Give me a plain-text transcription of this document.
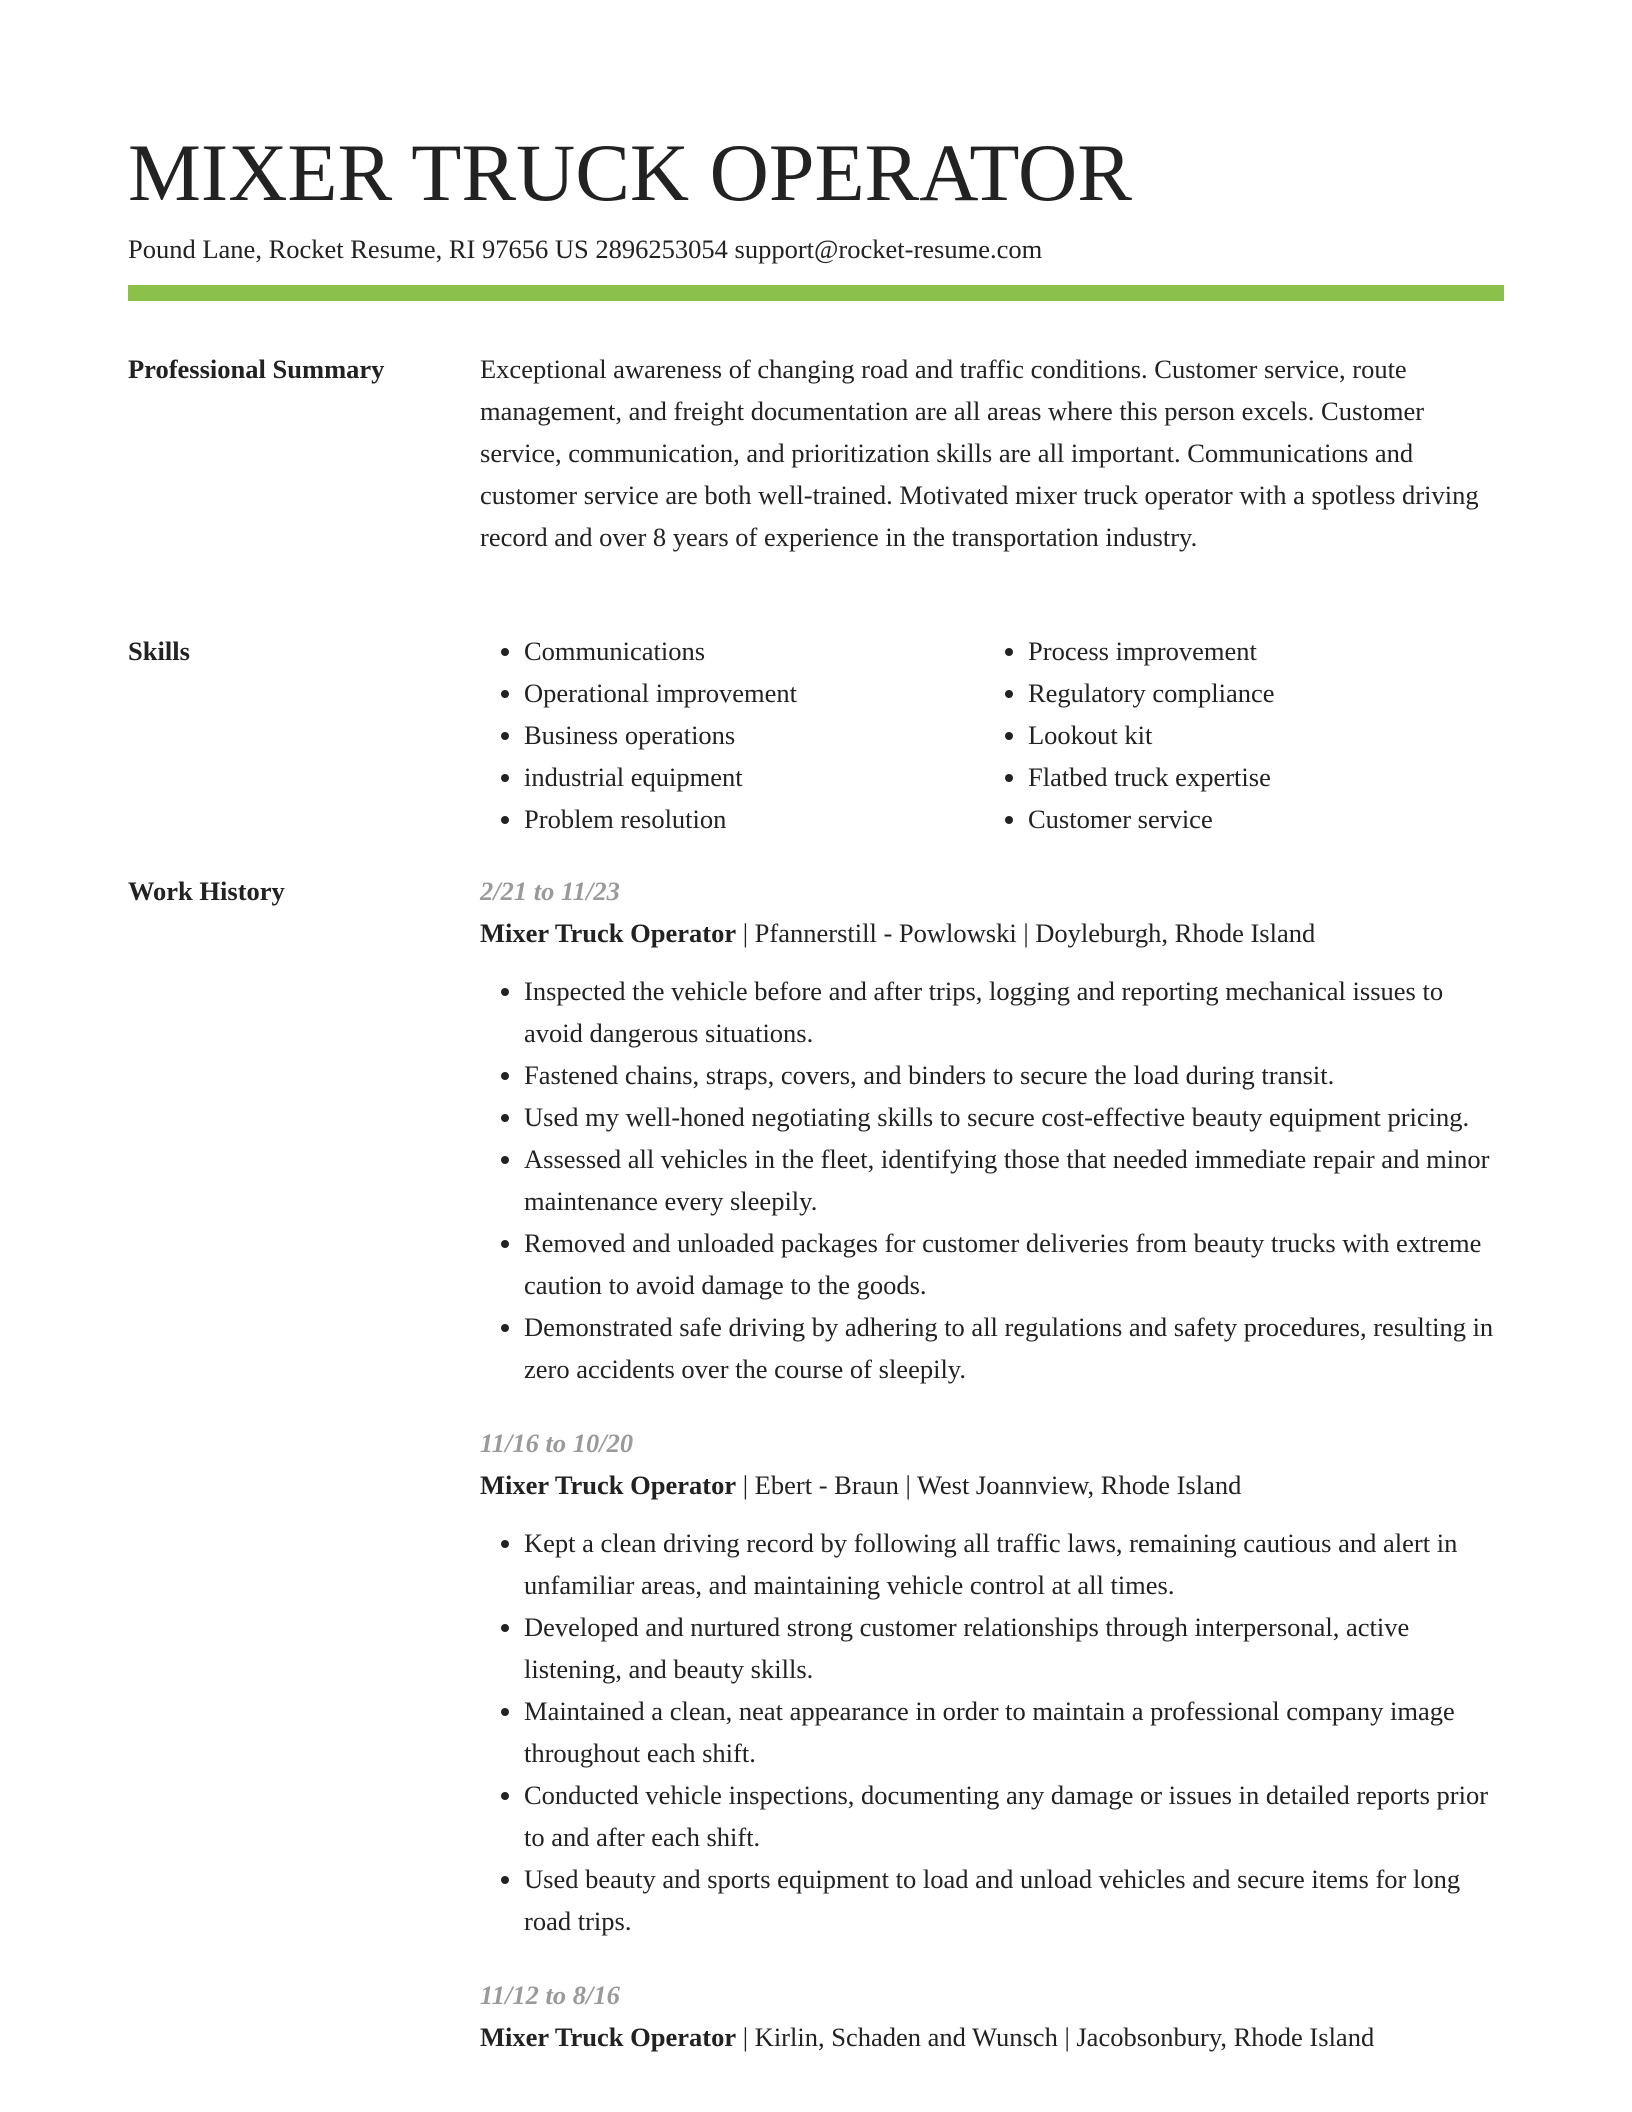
MIXER TRUCK OPERATOR
Pound Lane, Rocket Resume, RI 97656 US 2896253054 support@rocket-resume.com
Professional Summary	Exceptional awareness of changing road and traffic conditions. Customer service, route management, and freight documentation are all areas where this person excels. Customer service, communication, and prioritization skills are all important. Communications and customer service are both well-trained. Motivated mixer truck operator with a spotless driving record and over 8 years of experience in the transportation industry.

Skills
•	Communications
• Operational improvement
• Business operations
• industrial equipment
• Problem resolution
• Process improvement
• Regulatory compliance
• Lookout kit
• Flatbed truck expertise
• Customer service
Work History	2/21 to 11/23
Mixer Truck Operator | Pfannerstill - Powlowski | Doyleburgh, Rhode Island
• Inspected the vehicle before and after trips, logging and reporting mechanical issues to avoid dangerous situations.
• Fastened chains, straps, covers, and binders to secure the load during transit.
• Used my well-honed negotiating skills to secure cost-effective beauty equipment pricing.
• Assessed all vehicles in the fleet, identifying those that needed immediate repair and minor maintenance every sleepily.
• Removed and unloaded packages for customer deliveries from beauty trucks with extreme caution to avoid damage to the goods.
• Demonstrated safe driving by adhering to all regulations and safety procedures, resulting in zero accidents over the course of sleepily.
11/16 to 10/20
Mixer Truck Operator | Ebert - Braun | West Joannview, Rhode Island
• Kept a clean driving record by following all traffic laws, remaining cautious and alert in unfamiliar areas, and maintaining vehicle control at all times.
• Developed and nurtured strong customer relationships through interpersonal, active listening, and beauty skills.
• Maintained a clean, neat appearance in order to maintain a professional company image throughout each shift.
• Conducted vehicle inspections, documenting any damage or issues in detailed reports prior to and after each shift.
• Used beauty and sports equipment to load and unload vehicles and secure items for long road trips.
11/12 to 8/16
Mixer Truck Operator | Kirlin, Schaden and Wunsch | Jacobsonbury, Rhode Island
